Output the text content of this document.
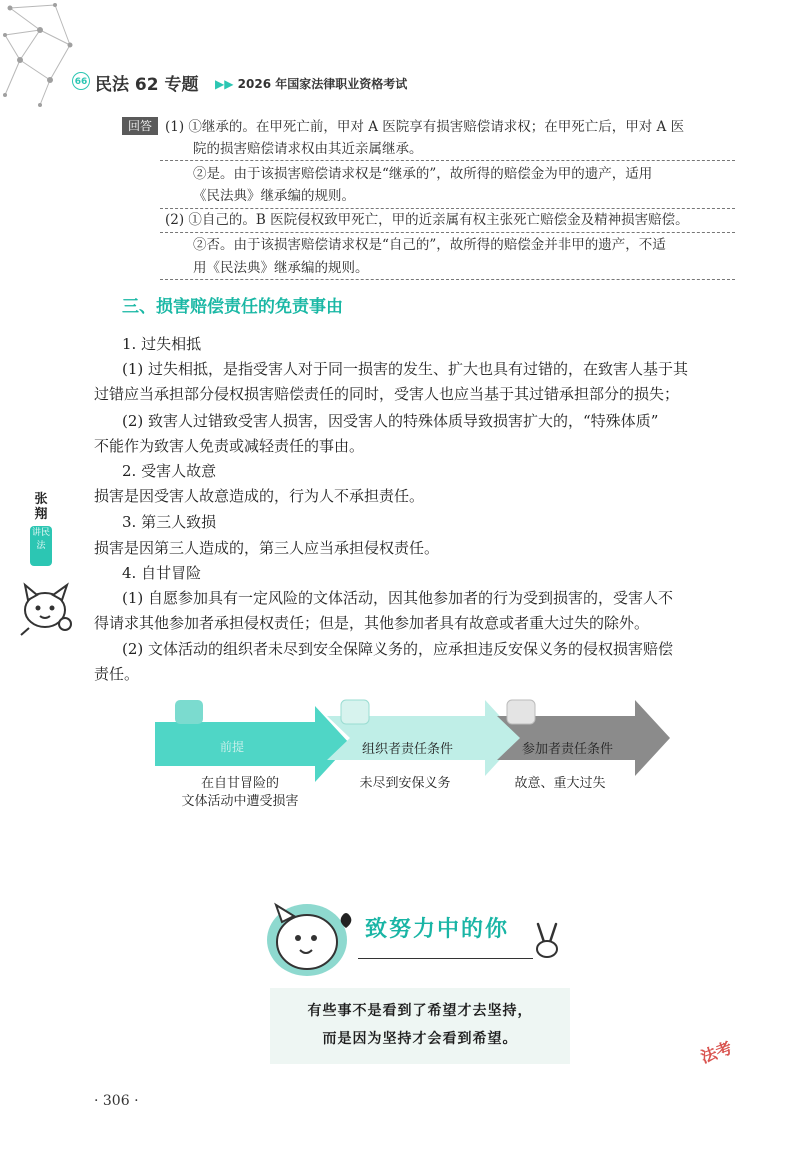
66 民法 62 专题 ▶▶ 2026 年国家法律职业资格考试
回答 (1) ①继承的。在甲死亡前，甲对 A 医院享有损害赔偿请求权；在甲死亡后，甲对 A 医
院的损害赔偿请求权由其近亲属继承。
②是。由于该损害赔偿请求权是“继承的”，故所得的赔偿金为甲的遗产，适用
《民法典》继承编的规则。
(2) ①自己的。B 医院侵权致甲死亡，甲的近亲属有权主张死亡赔偿金及精神损害赔偿。
②否。由于该损害赔偿请求权是“自己的”，故所得的赔偿金并非甲的遗产，不适
用《民法典》继承编的规则。
三、损害赔偿责任的免责事由
1. 过失相抵
(1) 过失相抵，是指受害人对于同一损害的发生、扩大也具有过错的，在致害人基于其
过错应当承担部分侵权损害赔偿责任的同时，受害人也应当基于其过错承担部分的损失；
(2) 致害人过错致受害人损害，因受害人的特殊体质导致损害扩大的，“特殊体质”
不能作为致害人免责或减轻责任的事由。
2. 受害人故意
损害是因受害人故意造成的，行为人不承担责任。
3. 第三人致损
损害是因第三人造成的，第三人应当承担侵权责任。
4. 自甘冒险
(1) 自愿参加具有一定风险的文体活动，因其他参加者的行为受到损害的，受害人不
得请求其他参加者承担侵权责任；但是，其他参加者具有故意或者重大过失的除外。
(2) 文体活动的组织者未尽到安全保障义务的，应承担违反安保义务的侵权损害赔偿
责任。
张翔
讲民法
前提	组织者责任条件	参加者责任条件
在自甘冒险的
文体活动中遭受损害
未尽到安保义务	故意、重大过失
致努力中的你
有些事不是看到了希望才去坚持，
而是因为坚持才会看到希望。	法考
· 306 ·
